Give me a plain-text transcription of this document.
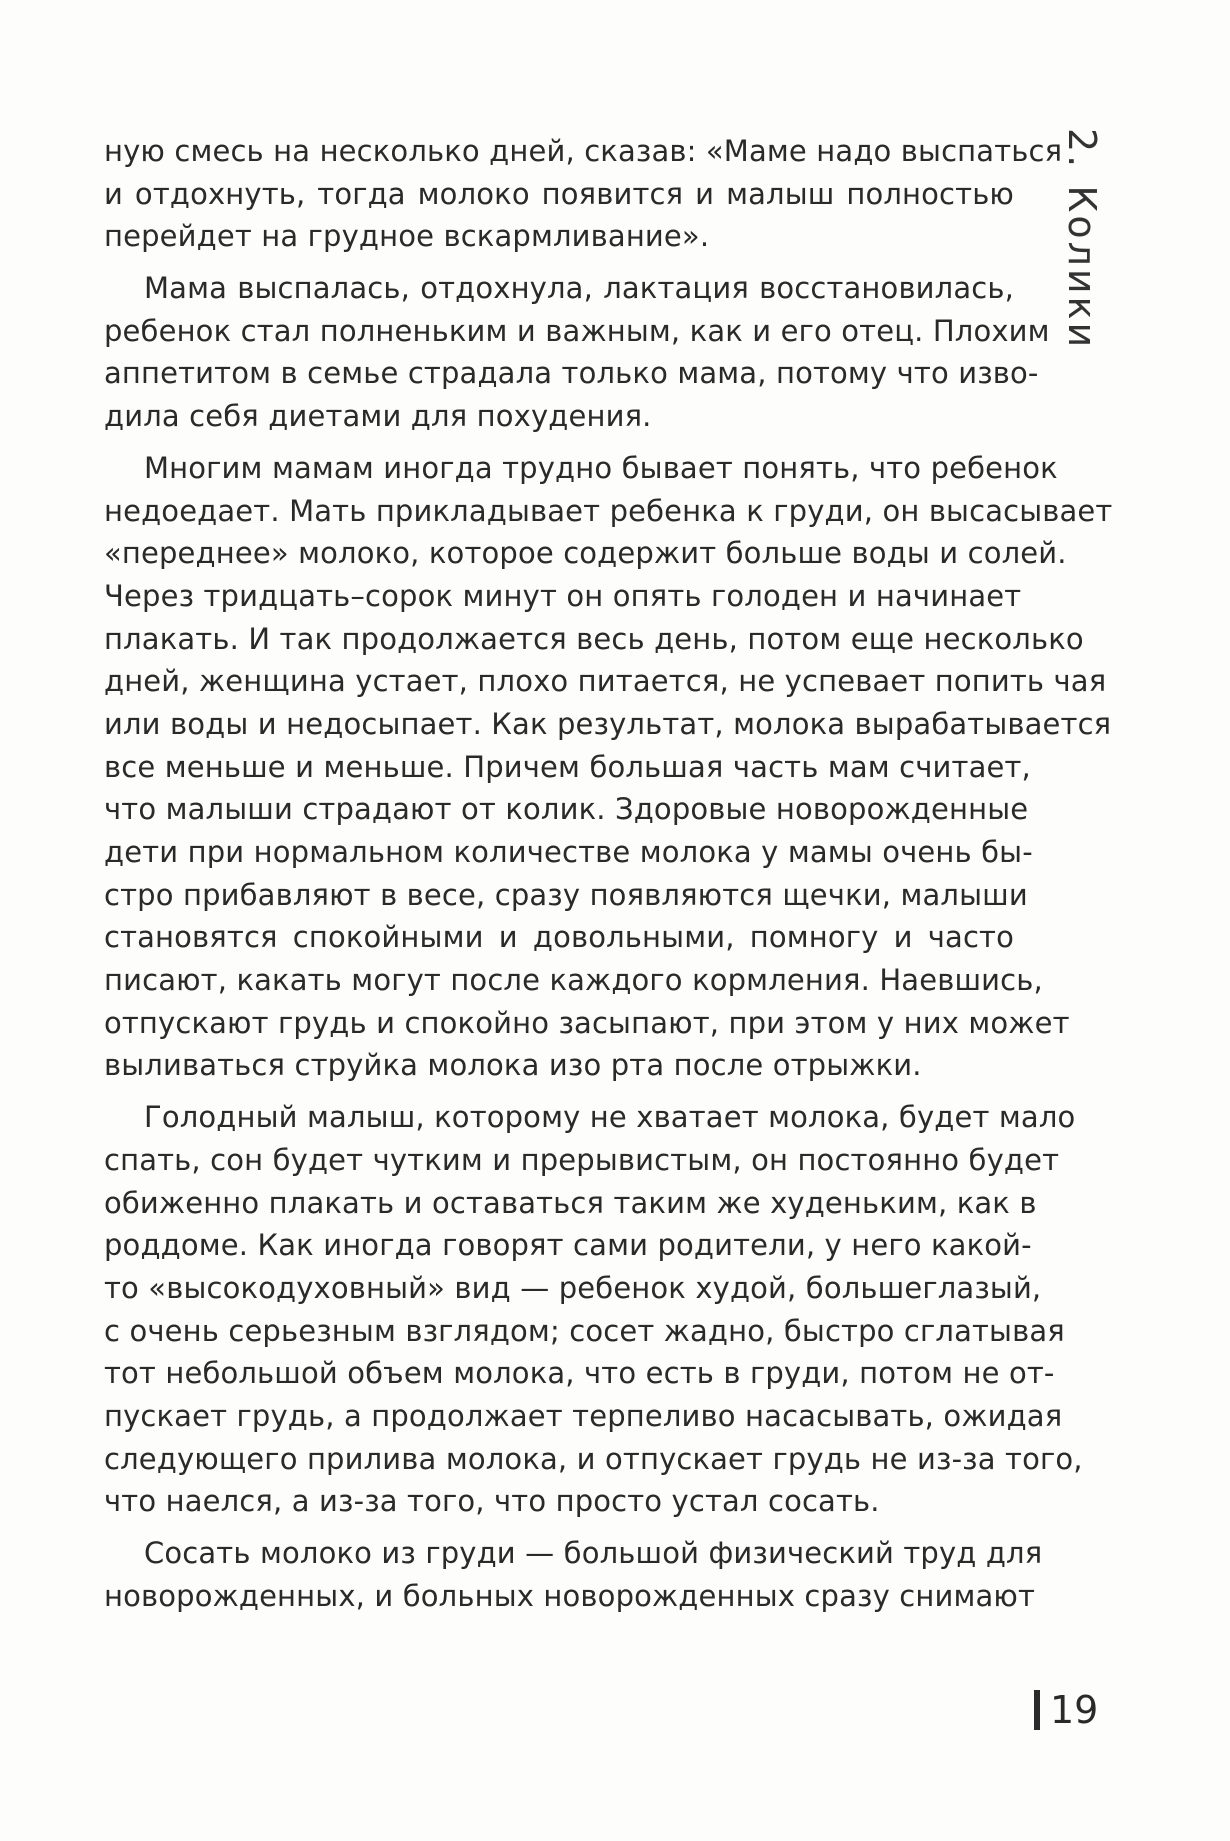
2. Колики
ную смесь на несколько дней, сказав: «Маме надо выспаться
и отдохнуть, тогда молоко появится и малыш полностью
перейдет на грудное вскармливание».
Мама выспалась, отдохнула, лактация восстановилась,
ребенок стал полненьким и важным, как и его отец. Плохим
аппетитом в семье страдала только мама, потому что изво-
дила себя диетами для похудения.
Многим мамам иногда трудно бывает понять, что ребенок
недоедает. Мать прикладывает ребенка к груди, он высасывает
«переднее» молоко, которое содержит больше воды и солей.
Через тридцать–сорок минут он опять голоден и начинает
плакать. И так продолжается весь день, потом еще несколько
дней, женщина устает, плохо питается, не успевает попить чая
или воды и недосыпает. Как результат, молока вырабатывается
все меньше и меньше. Причем большая часть мам считает,
что малыши страдают от колик. Здоровые новорожденные
дети при нормальном количестве молока у мамы очень бы-
стро прибавляют в весе, сразу появляются щечки, малыши
становятся спокойными и довольными, помногу и часто
писают, какать могут после каждого кормления. Наевшись,
отпускают грудь и спокойно засыпают, при этом у них может
выливаться струйка молока изо рта после отрыжки.
Голодный малыш, которому не хватает молока, будет мало
спать, сон будет чутким и прерывистым, он постоянно будет
обиженно плакать и оставаться таким же худеньким, как в
роддоме. Как иногда говорят сами родители, у него какой-
то «высокодуховный» вид — ребенок худой, большеглазый,
с очень серьезным взглядом; сосет жадно, быстро сглатывая
тот небольшой объем молока, что есть в груди, потом не от-
пускает грудь, а продолжает терпеливо насасывать, ожидая
следующего прилива молока, и отпускает грудь не из-за того,
что наелся, а из-за того, что просто устал сосать.
Сосать молоко из груди — большой физический труд для
новорожденных, и больных новорожденных сразу снимают
19
